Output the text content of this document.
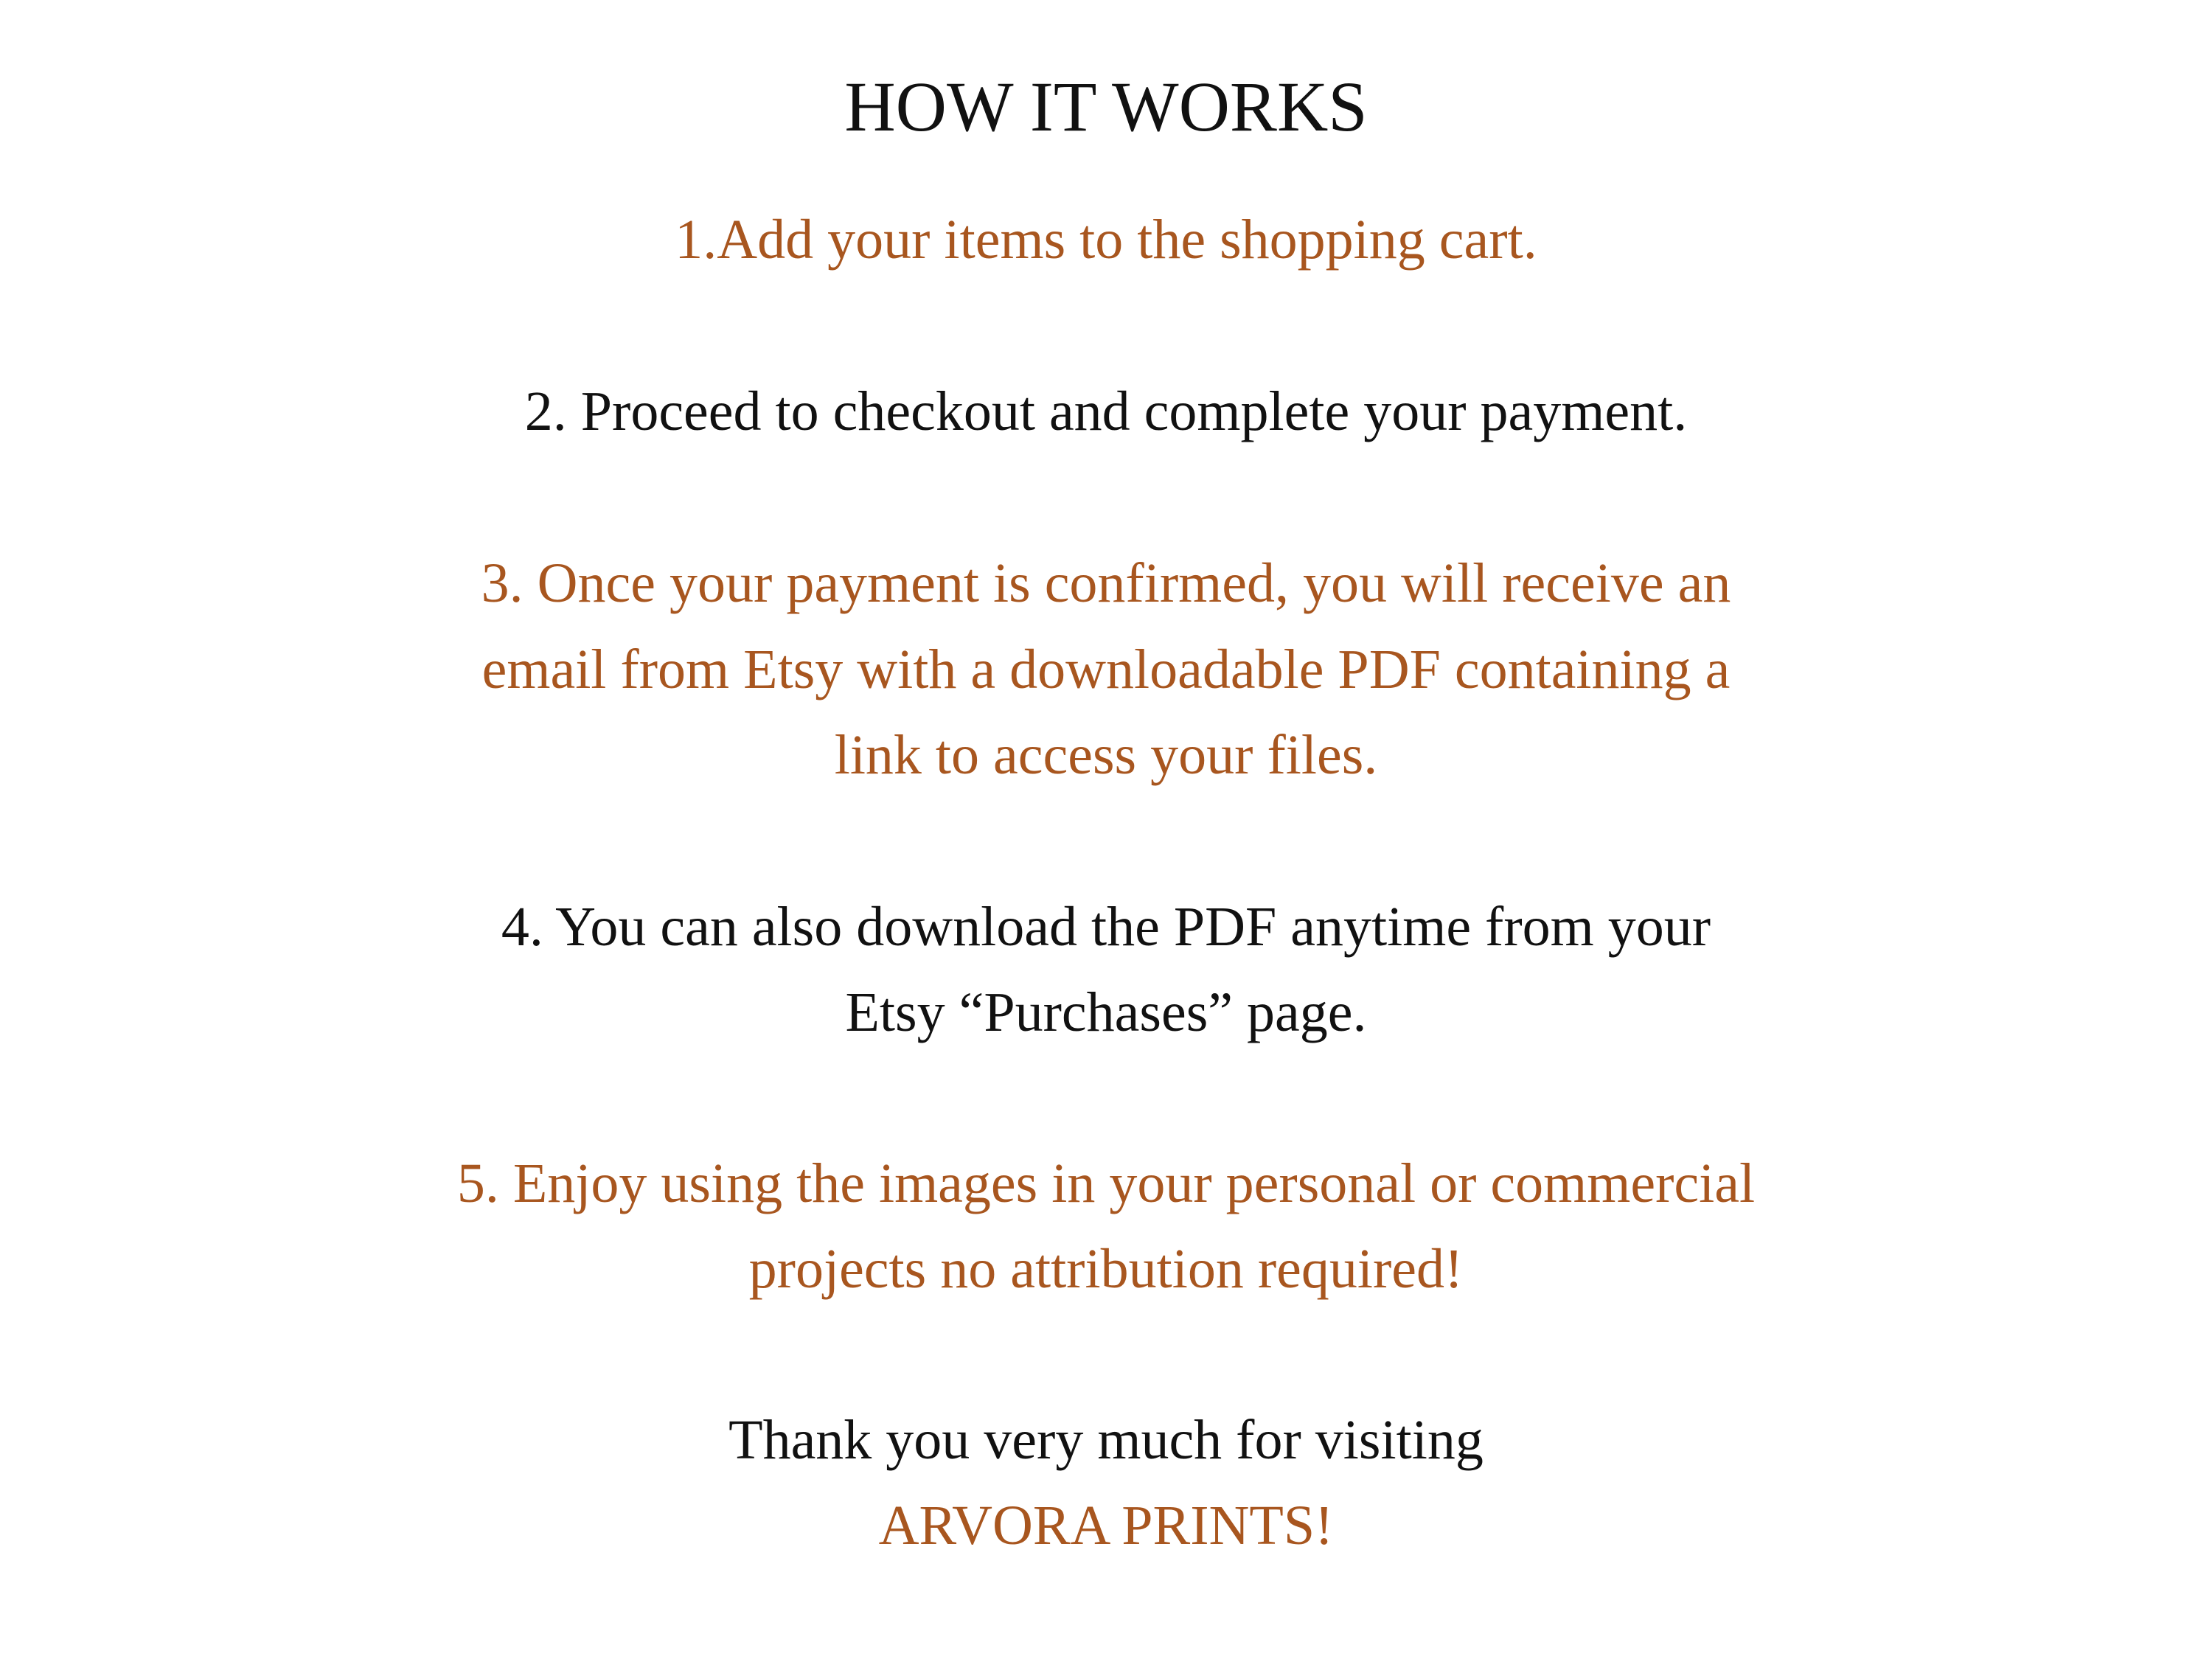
HOW IT WORKS

1.Add your items to the shopping cart.

2. Proceed to checkout and complete your payment.

3. Once your payment is confirmed, you will receive an

email from Etsy with a downloadable PDF containing a

link to access your files.

4. You can also download the PDF anytime from your

Etsy “Purchases” page.

5. Enjoy using the images in your personal or commercial

projects no attribution required!

Thank you very much for visiting

ARVORA PRINTS!
